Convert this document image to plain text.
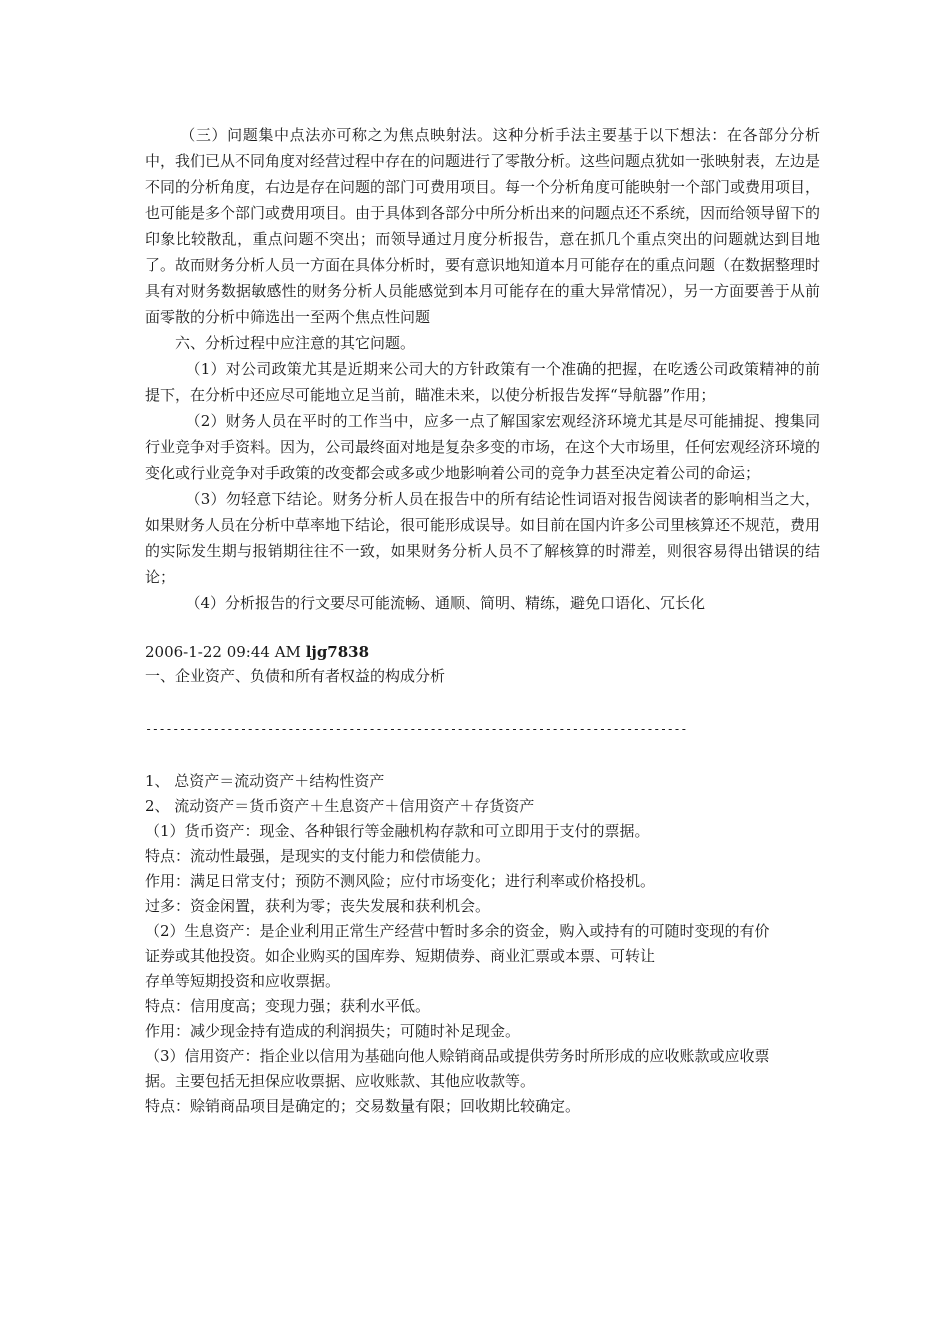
（三）问题集中点法亦可称之为焦点映射法。这种分析手法主要基于以下想法：在各部分分析中，我们已从不同角度对经营过程中存在的问题进行了零散分析。这些问题点犹如一张映射表，左边是不同的分析角度，右边是存在问题的部门可费用项目。每一个分析角度可能映射一个部门或费用项目，也可能是多个部门或费用项目。由于具体到各部分中所分析出来的问题点还不系统，因而给领导留下的印象比较散乱，重点问题不突出；而领导通过月度分析报告，意在抓几个重点突出的问题就达到目地了。故而财务分析人员一方面在具体分析时，要有意识地知道本月可能存在的重点问题（在数据整理时具有对财务数据敏感性的财务分析人员能感觉到本月可能存在的重大异常情况），另一方面要善于从前面零散的分析中筛选出一至两个焦点性问题

六、分析过程中应注意的其它问题。

（1）对公司政策尤其是近期来公司大的方针政策有一个准确的把握，在吃透公司政策精神的前提下，在分析中还应尽可能地立足当前，瞄准未来，以使分析报告发挥“导航器”作用；

（2）财务人员在平时的工作当中，应多一点了解国家宏观经济环境尤其是尽可能捕捉、搜集同行业竞争对手资料。因为，公司最终面对地是复杂多变的市场，在这个大市场里，任何宏观经济环境的变化或行业竞争对手政策的改变都会或多或少地影响着公司的竞争力甚至决定着公司的命运；

（3）勿轻意下结论。财务分析人员在报告中的所有结论性词语对报告阅读者的影响相当之大，如果财务人员在分析中草率地下结论，很可能形成误导。如目前在国内许多公司里核算还不规范，费用的实际发生期与报销期往往不一致，如果财务分析人员不了解核算的时滞差，则很容易得出错误的结论；

（4）分析报告的行文要尽可能流畅、通顺、简明、精练，避免口语化、冗长化

2006-1-22 09:44 AM ljg7838

一、企业资产、负债和所有者权益的构成分析

--------------------------------------------------------------------------------

1、 总资产＝流动资产＋结构性资产

2、 流动资产＝货币资产＋生息资产＋信用资产＋存货资产

（1）货币资产：现金、各种银行等金融机构存款和可立即用于支付的票据。

特点：流动性最强，是现实的支付能力和偿债能力。

作用：满足日常支付；预防不测风险；应付市场变化；进行利率或价格投机。

过多：资金闲置，获利为零；丧失发展和获利机会。

（2）生息资产：是企业利用正常生产经营中暂时多余的资金，购入或持有的可随时变现的有价

证券或其他投资。如企业购买的国库券、短期债券、商业汇票或本票、可转让

存单等短期投资和应收票据。

特点：信用度高；变现力强；获利水平低。

作用：减少现金持有造成的利润损失；可随时补足现金。

（3）信用资产：指企业以信用为基础向他人赊销商品或提供劳务时所形成的应收账款或应收票

据。主要包括无担保应收票据、应收账款、其他应收款等。

特点：赊销商品项目是确定的；交易数量有限；回收期比较确定。
